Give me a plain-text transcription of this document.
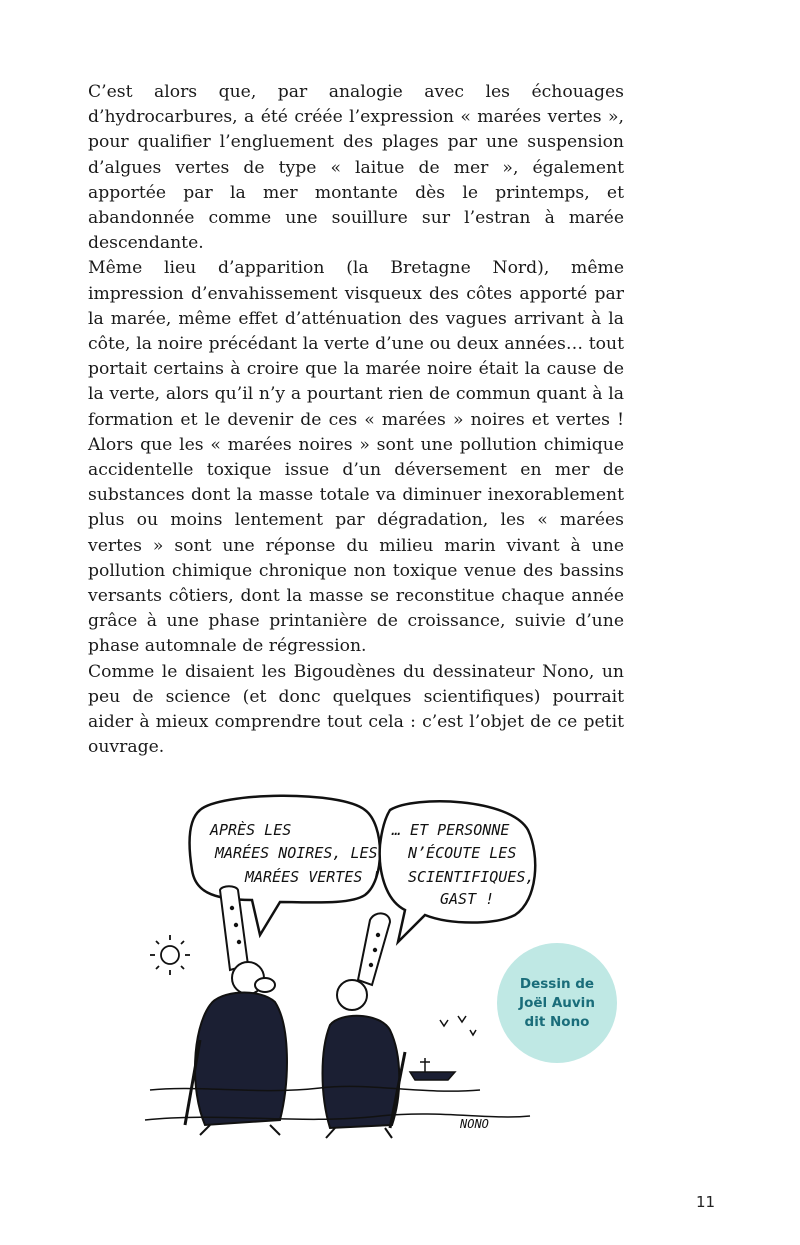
C’est alors que, par analogie avec les échouages d’hydrocarbures, a été créée l’expression « marées vertes », pour qualifier l’engluement des plages par une suspension d’algues vertes de type « laitue de mer », également apportée par la mer montante dès le printemps, et abandonnée comme une souillure sur l’estran à marée descendante.

Même lieu d’apparition (la Bretagne Nord), même impression d’envahissement visqueux des côtes apporté par la marée, même effet d’atténuation des vagues arrivant à la côte, la noire précédant la verte d’une ou deux années… tout portait certains à croire que la marée noire était la cause de la verte, alors qu’il n’y a pourtant rien de commun quant à la formation et le devenir de ces « marées » noires et vertes ! Alors que les « marées noires » sont une pollution chimique accidentelle toxique issue d’un déversement en mer de substances dont la masse totale va diminuer inexorablement plus ou moins lentement par dégradation, les « marées vertes » sont une réponse du milieu marin vivant à une pollution chimique chronique non toxique venue des bassins versants côtiers, dont la masse se reconstitue chaque année grâce à une phase printanière de croissance, suivie d’une phase automnale de régression.

Comme le disaient les Bigoudènes du dessinateur Nono, un peu de science (et donc quelques scientifiques) pourrait aider à mieux comprendre tout cela : c’est l’objet de ce petit ouvrage.

APRÈS LES
MARÉES NOIRES, LES
MARÉES VERTES !
… ET PERSONNE
N’ÉCOUTE LES
SCIENTIFIQUES,
GAST !
NONO
Dessin de
Joël Auvin
dit Nono
11
